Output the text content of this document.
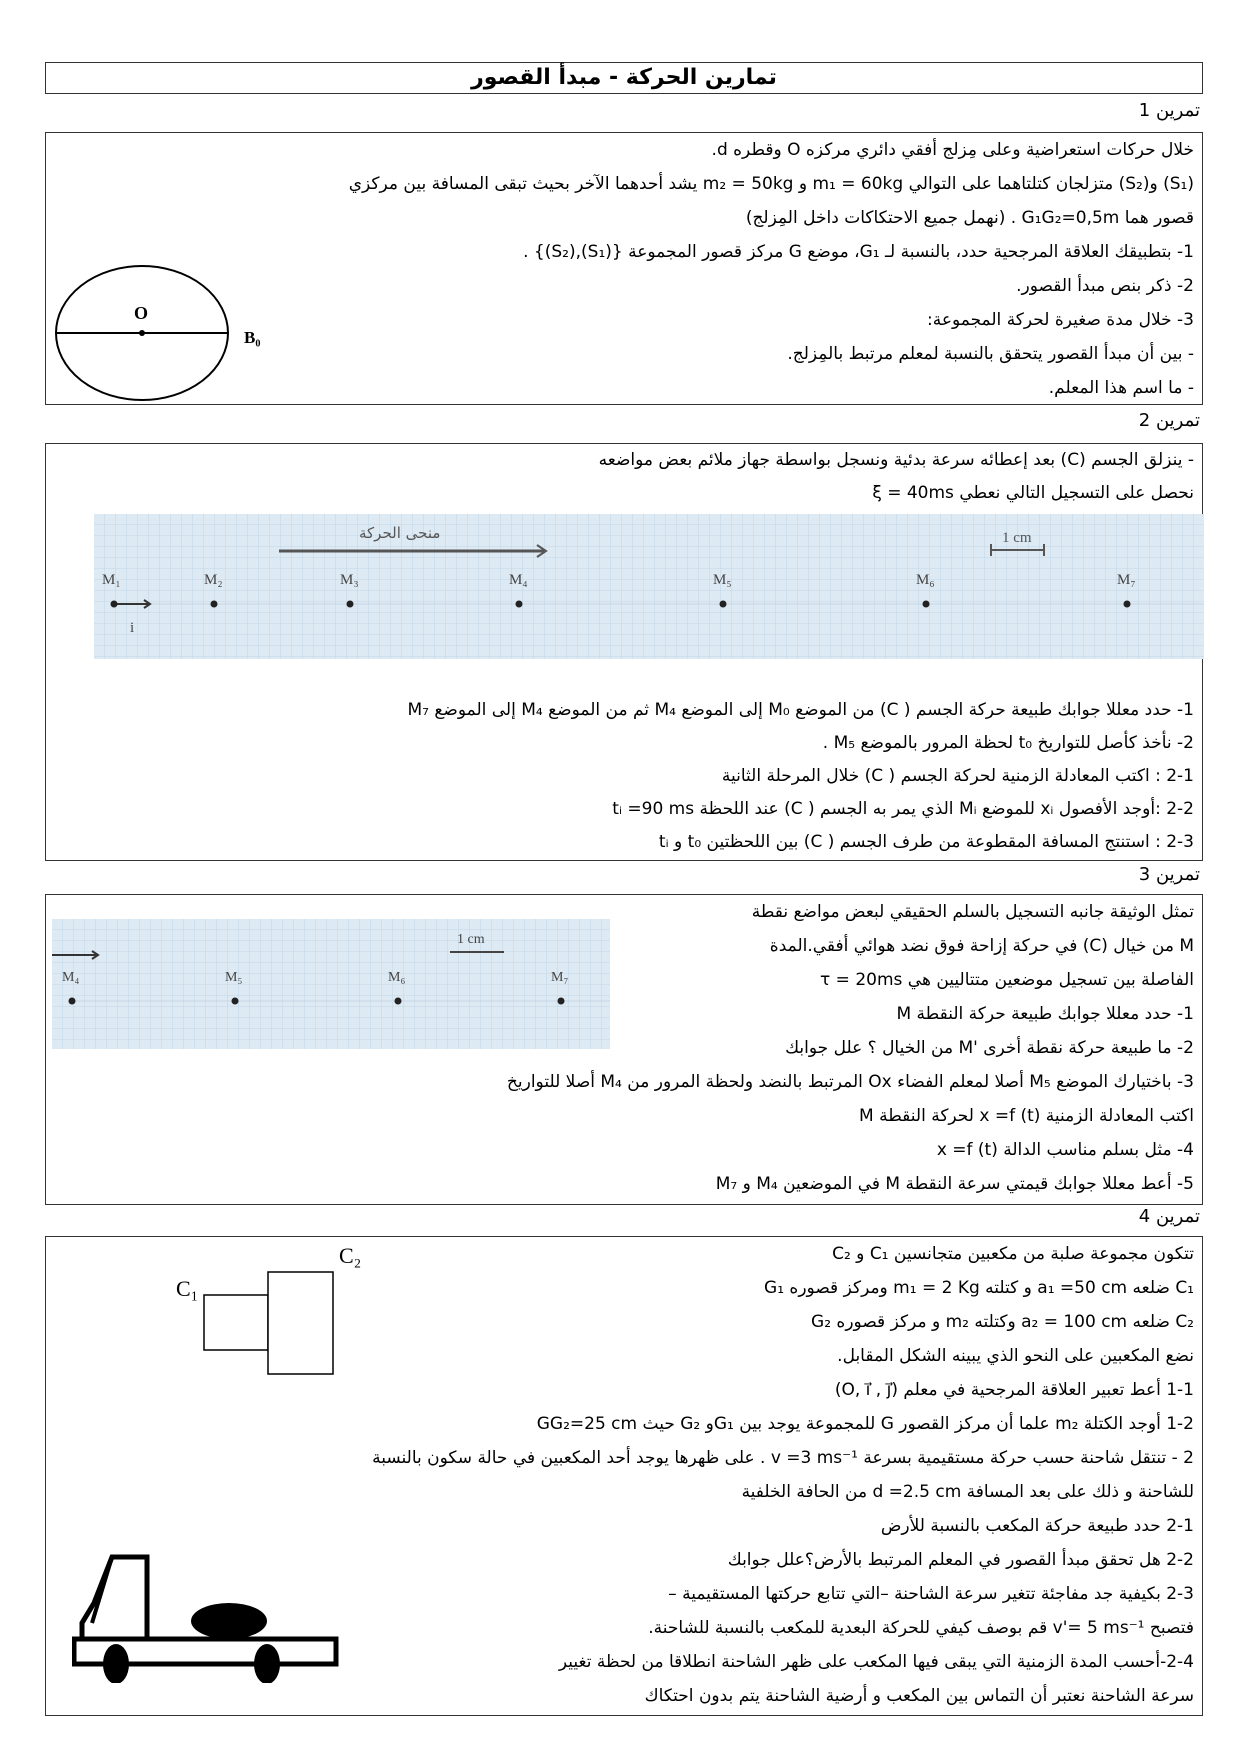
تمارين الحركة - مبدأ القصور
تمرين 1
خلال حركات استعراضية وعلى مِزلج أفقي دائري مركزه O وقطره d.
(S₁) و(S₂) متزلجان كتلتاهما على التوالي m₁ = 60kg و m₂ = 50kg يشد أحدهما الآخر بحيث تبقى المسافة بين مركزي
قصور هما G₁G₂=0,5m . (نهمل جميع الاحتكاكات داخل المِزلج)
1- بتطبيقك العلاقة المرجحية حدد، بالنسبة لـ G₁، موضع G مركز قصور المجموعة {(S₁),(S₂)} .
2- ذكر بنص مبدأ القصور.
3- خلال مدة صغيرة لحركة المجموعة:
- بين أن مبدأ القصور يتحقق بالنسبة لمعلم مرتبط بالمِزلج.
- ما اسم هذا المعلم.
O
B₀
تمرين 2
- ينزلق الجسم (C) بعد إعطائه سرعة بدئية ونسجل بواسطة جهاز ملائم بعض مواضعه
نحصل على التسجيل التالي نعطي ξ = 40ms
منحى الحركة	1 cm
i
M₁	M₂	M₃	M₄	M₅	M₆	M₇
1- حدد معللا جوابك طبيعة حركة الجسم ( C) من الموضع M₀ إلى الموضع M₄ ثم من الموضع M₄ إلى الموضع M₇
2- نأخذ كأصل للتواريخ t₀ لحظة المرور بالموضع M₅ .
2-1 : اكتب المعادلة الزمنية لحركة الجسم ( C) خلال المرحلة الثانية
2-2 :أوجد الأفصول xᵢ للموضع Mᵢ الذي يمر به الجسم ( C) عند اللحظة tᵢ =90 ms
2-3 : استنتج المسافة المقطوعة من طرف الجسم ( C) بين اللحظتين t₀ و tᵢ
تمرين 3
تمثل الوثيقة جانبه التسجيل بالسلم الحقيقي لبعض مواضع نقطة
M من خيال (C) في حركة إزاحة فوق نضد هوائي أفقي.المدة
الفاصلة بين تسجيل موضعين متتاليين هي τ = 20ms
1- حدد معللا جوابك طبيعة حركة النقطة M
2- ما طبيعة حركة نقطة أخرى 'M من الخيال ؟ علل جوابك
3- باختيارك الموضع M₅ أصلا لمعلم الفضاء Ox المرتبط بالنضد ولحظة المرور من M₄ أصلا للتواريخ
اكتب المعادلة الزمنية x =f (t) لحركة النقطة M
4- مثل بسلم مناسب الدالة x =f (t)
5- أعط معللا جوابك قيمتي سرعة النقطة M في الموضعين M₄ و M₇
1 cm
M₄	M₅	M₆	M₇
تمرين 4
تتكون مجموعة صلبة من مكعبين متجانسين C₁ و C₂
C₁ ضلعه a₁ =50 cm و كتلته m₁ = 2 Kg ومركز قصوره G₁
C₂ ضلعه a₂ = 100 cm وكتلته m₂ و مركز قصوره G₂
نضع المكعبين على النحو الذي يبينه الشكل المقابل.
1-1 أعط تعبير العلاقة المرجحية في معلم (O, i⃗ , j⃗)
1-2 أوجد الكتلة m₂ علما أن مركز القصور G للمجموعة يوجد بين G₁و G₂ حيث GG₂=25 cm
2 - تنتقل شاحنة حسب حركة مستقيمية بسرعة v =3 ms⁻¹ . على ظهرها يوجد أحد المكعبين في حالة سكون بالنسبة
للشاحنة و ذلك على بعد المسافة d =2.5 cm من الحافة الخلفية
2-1 حدد طبيعة حركة المكعب بالنسبة للأرض
2-2 هل تحقق مبدأ القصور في المعلم المرتبط بالأرض؟علل جوابك
2-3 بكيفية جد مفاجئة تتغير سرعة الشاحنة –التي تتابع حركتها المستقيمية –
فتصبح v'= 5 ms⁻¹ قم بوصف كيفي للحركة البعدية للمكعب بالنسبة للشاحنة.
2-4-أحسب المدة الزمنية التي يبقى فيها المكعب على ظهر الشاحنة انطلاقا من لحظة تغيير
سرعة الشاحنة نعتبر أن التماس بين المكعب و أرضية الشاحنة يتم بدون احتكاك
C₁
C₂
